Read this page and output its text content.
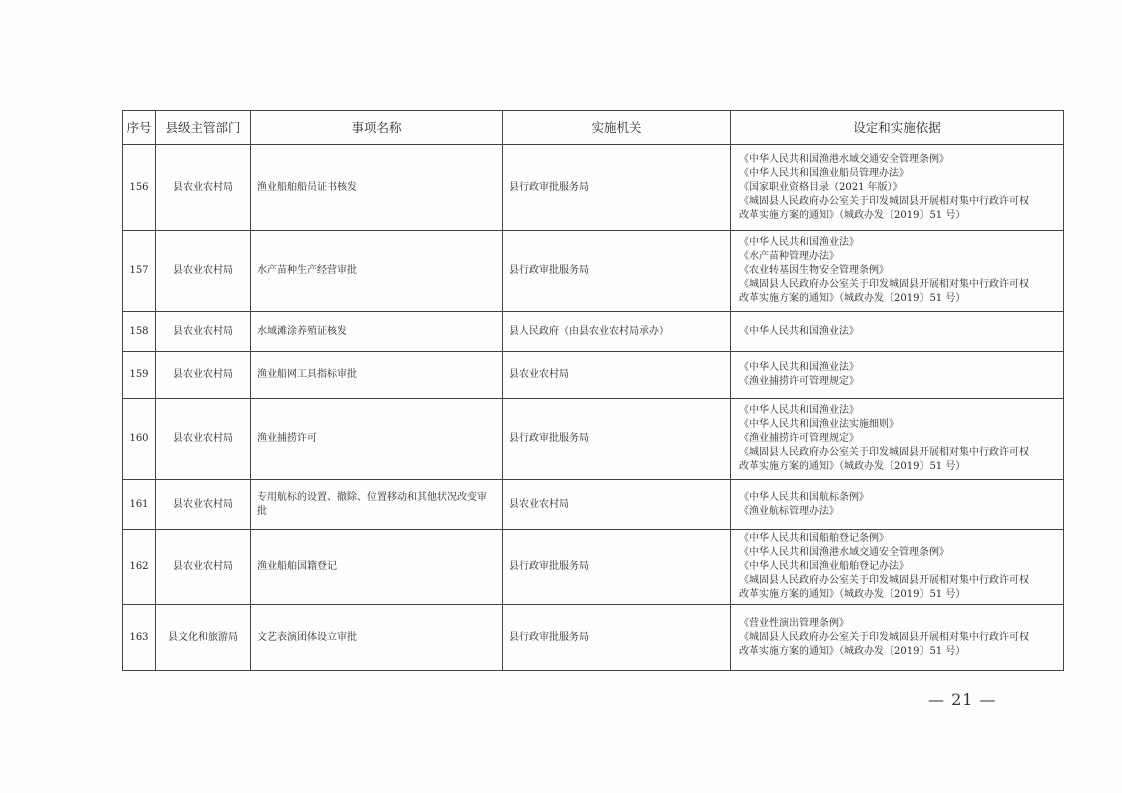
序号	县级主管部门	事项名称	实施机关	设定和实施依据
156	县农业农村局	渔业船舶船员证书核发	县行政审批服务局	《中华人民共和国渔港水域交通安全管理条例》
《中华人民共和国渔业船员管理办法》
《国家职业资格目录（2021 年版）》
《城固县人民政府办公室关于印发城固县开展相对集中行政许可权
改革实施方案的通知》（城政办发〔2019〕51 号）

157	县农业农村局	水产苗种生产经营审批	县行政审批服务局	《中华人民共和国渔业法》
《水产苗种管理办法》
《农业转基因生物安全管理条例》
《城固县人民政府办公室关于印发城固县开展相对集中行政许可权
改革实施方案的通知》（城政办发〔2019〕51 号）

158	县农业农村局	水域滩涂养殖证核发	县人民政府（由县农业农村局承办）	《中华人民共和国渔业法》

159	县农业农村局	渔业船网工具指标审批	县农业农村局	《中华人民共和国渔业法》
《渔业捕捞许可管理规定》

160	县农业农村局	渔业捕捞许可	县行政审批服务局	《中华人民共和国渔业法》
《中华人民共和国渔业法实施细则》
《渔业捕捞许可管理规定》
《城固县人民政府办公室关于印发城固县开展相对集中行政许可权
改革实施方案的通知》（城政办发〔2019〕51 号）

161	县农业农村局	专用航标的设置、撤除、位置移动和其他状况改变审批	县农业农村局	《中华人民共和国航标条例》
《渔业航标管理办法》

162	县农业农村局	渔业船舶国籍登记	县行政审批服务局	《中华人民共和国船舶登记条例》
《中华人民共和国渔港水域交通安全管理条例》
《中华人民共和国渔业船舶登记办法》
《城固县人民政府办公室关于印发城固县开展相对集中行政许可权
改革实施方案的通知》（城政办发〔2019〕51 号）

163	县文化和旅游局	文艺表演团体设立审批	县行政审批服务局	《营业性演出管理条例》
《城固县人民政府办公室关于印发城固县开展相对集中行政许可权
改革实施方案的通知》（城政办发〔2019〕51 号）
— 21 —
